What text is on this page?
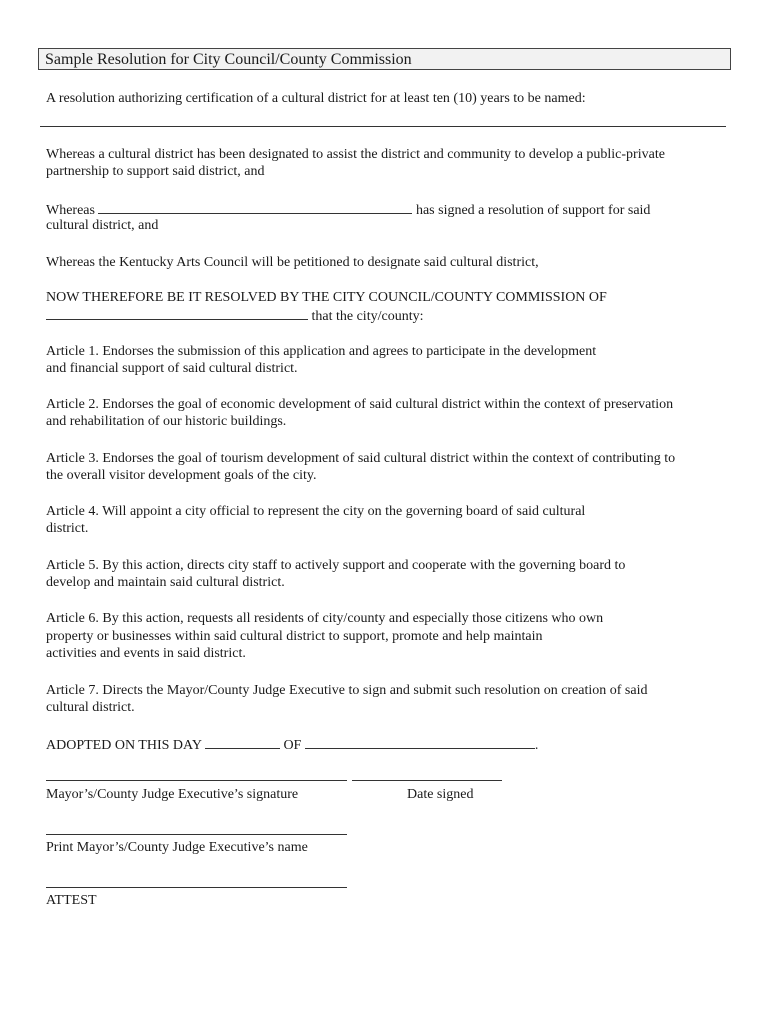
Sample Resolution for City Council/County Commission
A resolution authorizing certification of a cultural district for at least ten (10) years to be named:
Whereas a cultural district has been designated to assist the district and community to develop a public-private
partnership to support said district, and
Whereas	has signed a resolution of support for said
cultural district, and
Whereas the Kentucky Arts Council will be petitioned to designate said cultural district,
NOW THEREFORE BE IT RESOLVED BY THE CITY COUNCIL/COUNTY COMMISSION OF
that the city/county:
Article 1. Endorses the submission of this application and agrees to participate in the development
and financial support of said cultural district.
Article 2. Endorses the goal of economic development of said cultural district within the context of preservation
and rehabilitation of our historic buildings.
Article 3. Endorses the goal of tourism development of said cultural district within the context of contributing to
the overall visitor development goals of the city.
Article 4. Will appoint a city official to represent the city on the governing board of said cultural
district.
Article 5. By this action, directs city staff to actively support and cooperate with the governing board to
develop and maintain said cultural district.
Article 6. By this action, requests all residents of city/county and especially those citizens who own
property or businesses within said cultural district to support, promote and help maintain
activities and events in said district.
Article 7. Directs the Mayor/County Judge Executive to sign and submit such resolution on creation of said
cultural district.
ADOPTED ON THIS DAY	OF	.
Mayor’s/County Judge Executive’s signature	Date signed
Print Mayor’s/County Judge Executive’s name
ATTEST
